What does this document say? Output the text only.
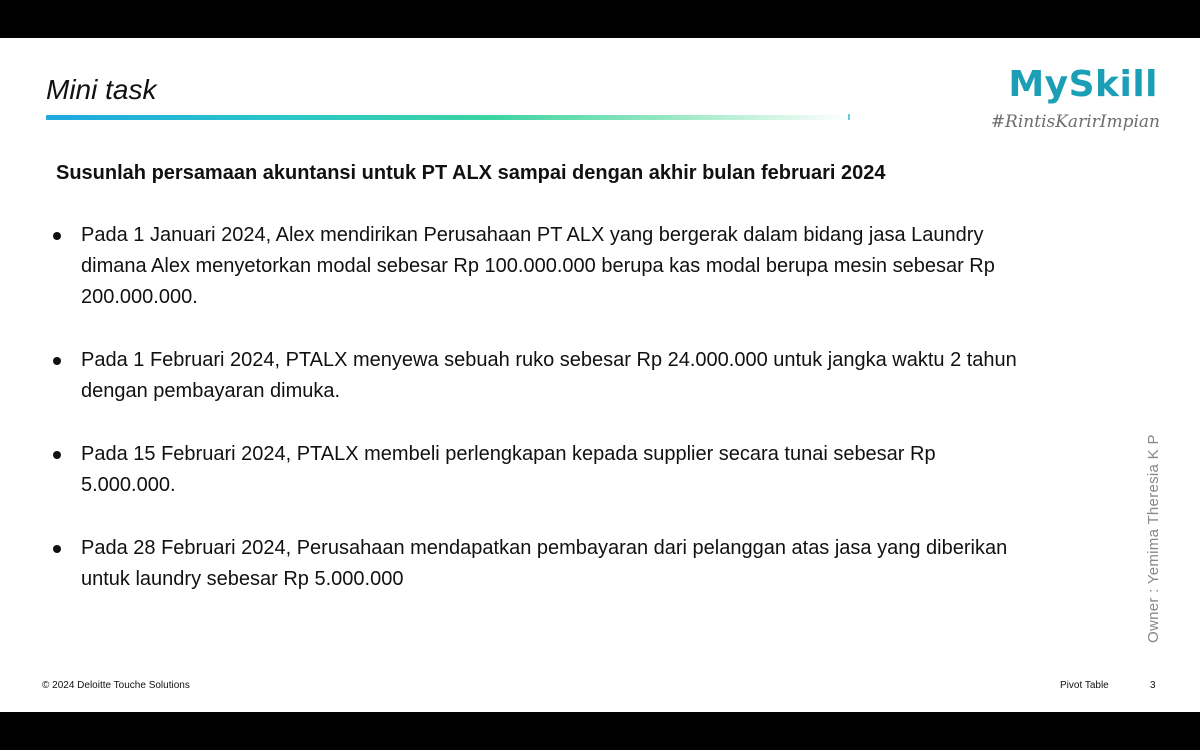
Mini task	MySkill
#RintisKarirImpian
Susunlah persamaan akuntansi untuk PT ALX sampai dengan akhir bulan februari 2024
Pada 1 Januari 2024, Alex mendirikan Perusahaan PT ALX yang bergerak dalam bidang jasa Laundry dimana Alex menyetorkan modal sebesar Rp 100.000.000 berupa kas modal berupa mesin sebesar Rp 200.000.000.
Pada 1 Februari 2024, PTALX menyewa sebuah ruko sebesar Rp 24.000.000 untuk jangka waktu 2 tahun dengan pembayaran dimuka.
Pada 15 Februari 2024, PTALX membeli perlengkapan kepada supplier secara tunai sebesar Rp 5.000.000.
Pada 28 Februari 2024, Perusahaan mendapatkan pembayaran dari pelanggan atas jasa yang diberikan untuk laundry sebesar Rp 5.000.000	Owner : Yemima Theresia K P
© 2024 Deloitte Touche Solutions	Pivot Table	3
